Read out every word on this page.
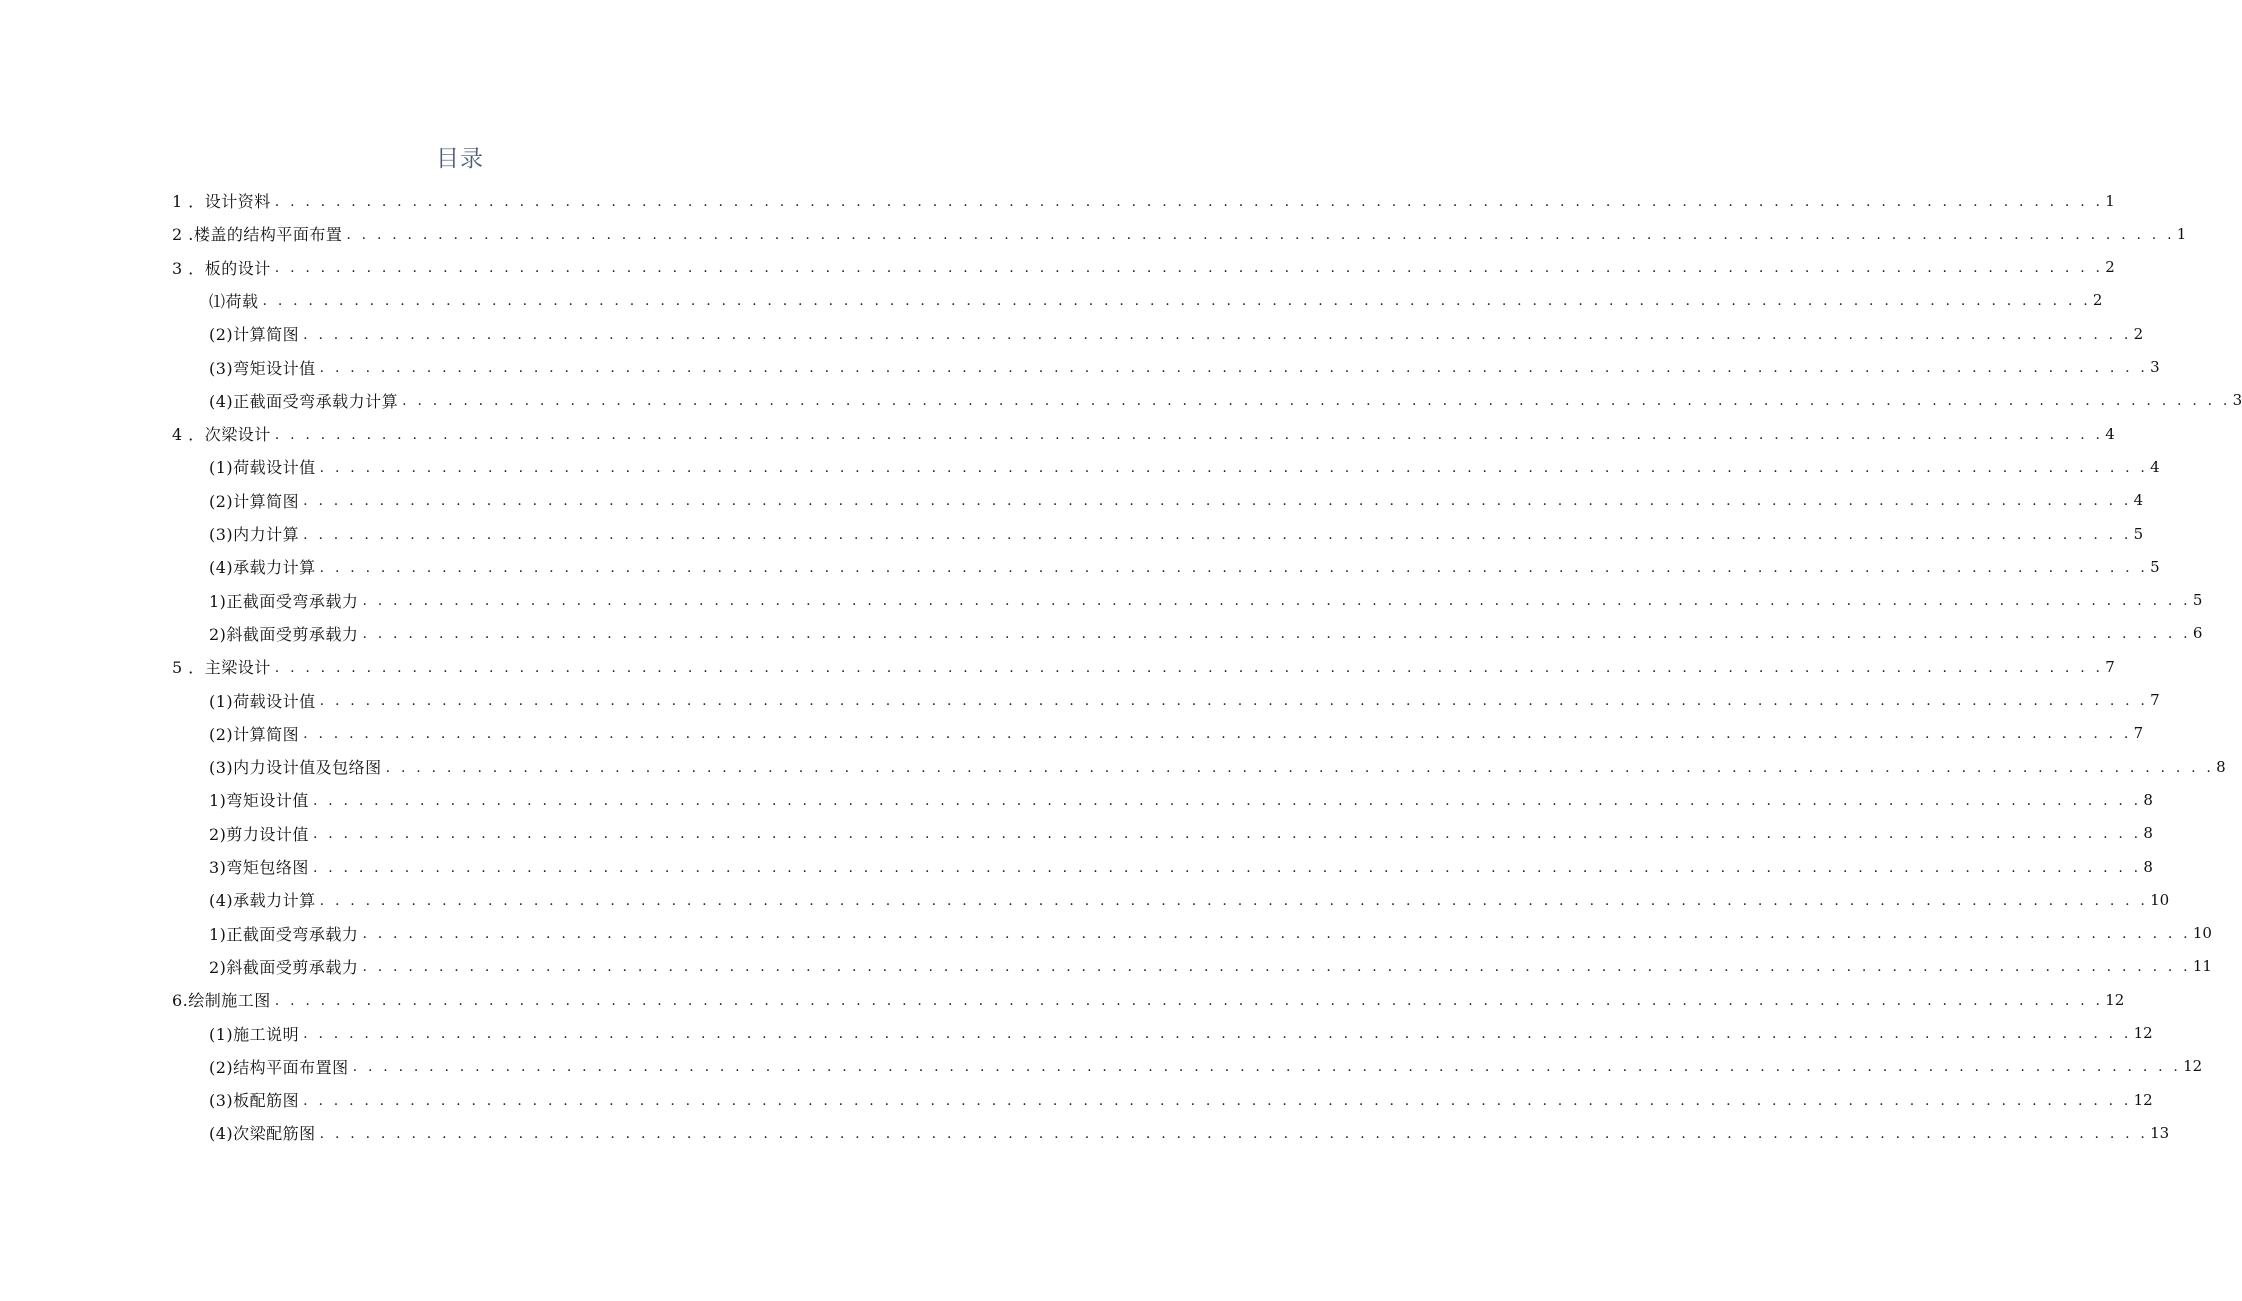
目录
1 ．设计资料 . . . . . . . . . . . . . . . . . . . . . . . . . . . . . . . . . . . . . . . . . . . . . . . . . . . . . . . . . . . . . . . . . . . . . . . . . . . . . . . . . . . . . . . . . . . . . . . . . . . . . . . . . . . . . . . . . . . . . . . . 1
2 .楼盖的结构平面布置 . . . . . . . . . . . . . . . . . . . . . . . . . . . . . . . . . . . . . . . . . . . . . . . . . . . . . . . . . . . . . . . . . . . . . . . . . . . . . . . . . . . . . . . . . . . . . . . . . . . . . . . . . . . . . . . . . . . . . . . . 1
3 ．板的设计 . . . . . . . . . . . . . . . . . . . . . . . . . . . . . . . . . . . . . . . . . . . . . . . . . . . . . . . . . . . . . . . . . . . . . . . . . . . . . . . . . . . . . . . . . . . . . . . . . . . . . . . . . . . . . . . . . . . . . . . . 2
⑴荷载 . . . . . . . . . . . . . . . . . . . . . . . . . . . . . . . . . . . . . . . . . . . . . . . . . . . . . . . . . . . . . . . . . . . . . . . . . . . . . . . . . . . . . . . . . . . . . . . . . . . . . . . . . . . . . . . . . . . . . . . . 2
(2)计算简图 . . . . . . . . . . . . . . . . . . . . . . . . . . . . . . . . . . . . . . . . . . . . . . . . . . . . . . . . . . . . . . . . . . . . . . . . . . . . . . . . . . . . . . . . . . . . . . . . . . . . . . . . . . . . . . . . . . . . . . . . 2
(3)弯矩设计值 . . . . . . . . . . . . . . . . . . . . . . . . . . . . . . . . . . . . . . . . . . . . . . . . . . . . . . . . . . . . . . . . . . . . . . . . . . . . . . . . . . . . . . . . . . . . . . . . . . . . . . . . . . . . . . . . . . . . . . . . 3
(4)正截面受弯承载力计算 . . . . . . . . . . . . . . . . . . . . . . . . . . . . . . . . . . . . . . . . . . . . . . . . . . . . . . . . . . . . . . . . . . . . . . . . . . . . . . . . . . . . . . . . . . . . . . . . . . . . . . . . . . . . . . . . . . . . . . . . 3
4 ．次梁设计 . . . . . . . . . . . . . . . . . . . . . . . . . . . . . . . . . . . . . . . . . . . . . . . . . . . . . . . . . . . . . . . . . . . . . . . . . . . . . . . . . . . . . . . . . . . . . . . . . . . . . . . . . . . . . . . . . . . . . . . . 4
(1)荷载设计值 . . . . . . . . . . . . . . . . . . . . . . . . . . . . . . . . . . . . . . . . . . . . . . . . . . . . . . . . . . . . . . . . . . . . . . . . . . . . . . . . . . . . . . . . . . . . . . . . . . . . . . . . . . . . . . . . . . . . . . . . 4
(2)计算简图 . . . . . . . . . . . . . . . . . . . . . . . . . . . . . . . . . . . . . . . . . . . . . . . . . . . . . . . . . . . . . . . . . . . . . . . . . . . . . . . . . . . . . . . . . . . . . . . . . . . . . . . . . . . . . . . . . . . . . . . . 4
(3)内力计算 . . . . . . . . . . . . . . . . . . . . . . . . . . . . . . . . . . . . . . . . . . . . . . . . . . . . . . . . . . . . . . . . . . . . . . . . . . . . . . . . . . . . . . . . . . . . . . . . . . . . . . . . . . . . . . . . . . . . . . . . 5
(4)承载力计算 . . . . . . . . . . . . . . . . . . . . . . . . . . . . . . . . . . . . . . . . . . . . . . . . . . . . . . . . . . . . . . . . . . . . . . . . . . . . . . . . . . . . . . . . . . . . . . . . . . . . . . . . . . . . . . . . . . . . . . . . 5
1)正截面受弯承载力 . . . . . . . . . . . . . . . . . . . . . . . . . . . . . . . . . . . . . . . . . . . . . . . . . . . . . . . . . . . . . . . . . . . . . . . . . . . . . . . . . . . . . . . . . . . . . . . . . . . . . . . . . . . . . . . . . . . . . . . . 5
2)斜截面受剪承载力 . . . . . . . . . . . . . . . . . . . . . . . . . . . . . . . . . . . . . . . . . . . . . . . . . . . . . . . . . . . . . . . . . . . . . . . . . . . . . . . . . . . . . . . . . . . . . . . . . . . . . . . . . . . . . . . . . . . . . . . . 6
5 ．主梁设计 . . . . . . . . . . . . . . . . . . . . . . . . . . . . . . . . . . . . . . . . . . . . . . . . . . . . . . . . . . . . . . . . . . . . . . . . . . . . . . . . . . . . . . . . . . . . . . . . . . . . . . . . . . . . . . . . . . . . . . . . 7
(1)荷载设计值 . . . . . . . . . . . . . . . . . . . . . . . . . . . . . . . . . . . . . . . . . . . . . . . . . . . . . . . . . . . . . . . . . . . . . . . . . . . . . . . . . . . . . . . . . . . . . . . . . . . . . . . . . . . . . . . . . . . . . . . . 7
(2)计算简图 . . . . . . . . . . . . . . . . . . . . . . . . . . . . . . . . . . . . . . . . . . . . . . . . . . . . . . . . . . . . . . . . . . . . . . . . . . . . . . . . . . . . . . . . . . . . . . . . . . . . . . . . . . . . . . . . . . . . . . . . 7
(3)内力设计值及包络图 . . . . . . . . . . . . . . . . . . . . . . . . . . . . . . . . . . . . . . . . . . . . . . . . . . . . . . . . . . . . . . . . . . . . . . . . . . . . . . . . . . . . . . . . . . . . . . . . . . . . . . . . . . . . . . . . . . . . . . . . 8
1)弯矩设计值 . . . . . . . . . . . . . . . . . . . . . . . . . . . . . . . . . . . . . . . . . . . . . . . . . . . . . . . . . . . . . . . . . . . . . . . . . . . . . . . . . . . . . . . . . . . . . . . . . . . . . . . . . . . . . . . . . . . . . . . . 8
2)剪力设计值 . . . . . . . . . . . . . . . . . . . . . . . . . . . . . . . . . . . . . . . . . . . . . . . . . . . . . . . . . . . . . . . . . . . . . . . . . . . . . . . . . . . . . . . . . . . . . . . . . . . . . . . . . . . . . . . . . . . . . . . . 8
3)弯矩包络图 . . . . . . . . . . . . . . . . . . . . . . . . . . . . . . . . . . . . . . . . . . . . . . . . . . . . . . . . . . . . . . . . . . . . . . . . . . . . . . . . . . . . . . . . . . . . . . . . . . . . . . . . . . . . . . . . . . . . . . . . 8
(4)承载力计算 . . . . . . . . . . . . . . . . . . . . . . . . . . . . . . . . . . . . . . . . . . . . . . . . . . . . . . . . . . . . . . . . . . . . . . . . . . . . . . . . . . . . . . . . . . . . . . . . . . . . . . . . . . . . . . . . . . . . . . . . 10
1)正截面受弯承载力 . . . . . . . . . . . . . . . . . . . . . . . . . . . . . . . . . . . . . . . . . . . . . . . . . . . . . . . . . . . . . . . . . . . . . . . . . . . . . . . . . . . . . . . . . . . . . . . . . . . . . . . . . . . . . . . . . . . . . . . . 10
2)斜截面受剪承载力 . . . . . . . . . . . . . . . . . . . . . . . . . . . . . . . . . . . . . . . . . . . . . . . . . . . . . . . . . . . . . . . . . . . . . . . . . . . . . . . . . . . . . . . . . . . . . . . . . . . . . . . . . . . . . . . . . . . . . . . . 11
6.绘制施工图 . . . . . . . . . . . . . . . . . . . . . . . . . . . . . . . . . . . . . . . . . . . . . . . . . . . . . . . . . . . . . . . . . . . . . . . . . . . . . . . . . . . . . . . . . . . . . . . . . . . . . . . . . . . . . . . . . . . . . . . . 12
(1)施工说明 . . . . . . . . . . . . . . . . . . . . . . . . . . . . . . . . . . . . . . . . . . . . . . . . . . . . . . . . . . . . . . . . . . . . . . . . . . . . . . . . . . . . . . . . . . . . . . . . . . . . . . . . . . . . . . . . . . . . . . . . 12
(2)结构平面布置图 . . . . . . . . . . . . . . . . . . . . . . . . . . . . . . . . . . . . . . . . . . . . . . . . . . . . . . . . . . . . . . . . . . . . . . . . . . . . . . . . . . . . . . . . . . . . . . . . . . . . . . . . . . . . . . . . . . . . . . . . 12
(3)板配筋图 . . . . . . . . . . . . . . . . . . . . . . . . . . . . . . . . . . . . . . . . . . . . . . . . . . . . . . . . . . . . . . . . . . . . . . . . . . . . . . . . . . . . . . . . . . . . . . . . . . . . . . . . . . . . . . . . . . . . . . . . 12
(4)次梁配筋图 . . . . . . . . . . . . . . . . . . . . . . . . . . . . . . . . . . . . . . . . . . . . . . . . . . . . . . . . . . . . . . . . . . . . . . . . . . . . . . . . . . . . . . . . . . . . . . . . . . . . . . . . . . . . . . . . . . . . . . . . 13
